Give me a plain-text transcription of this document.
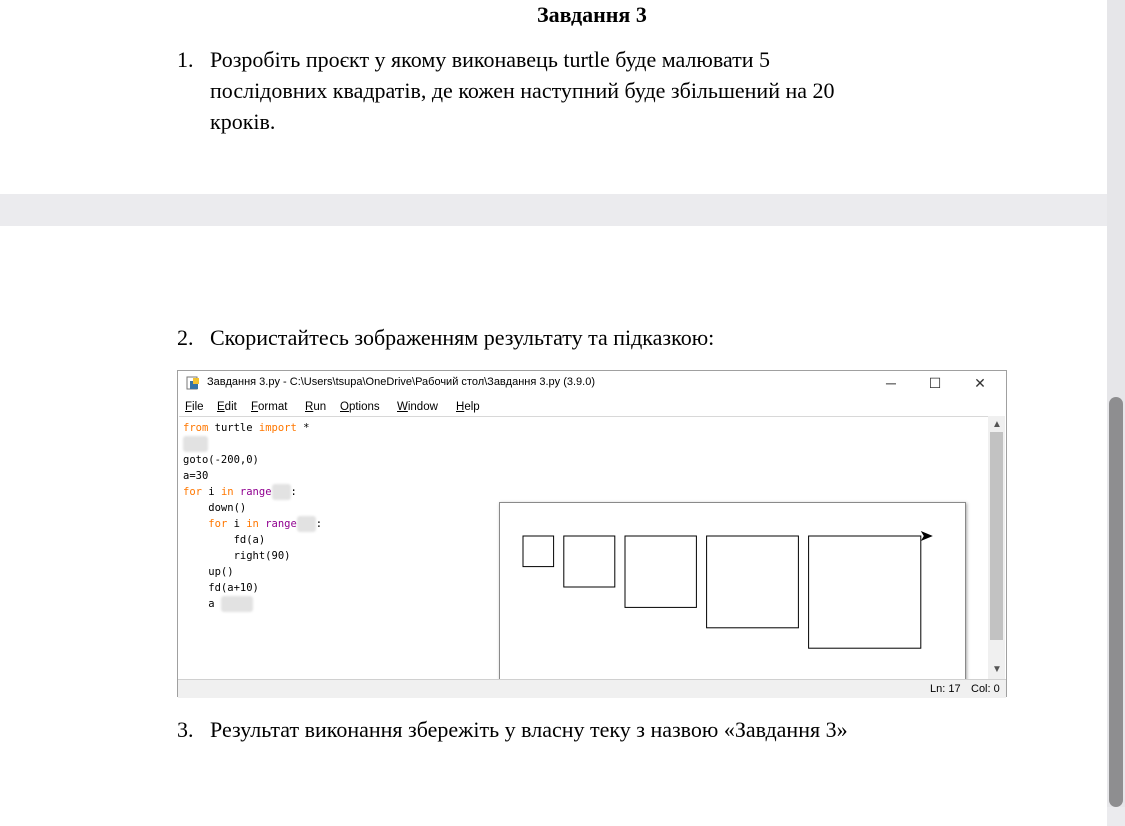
Завдання 3
1. Розробіть проєкт у якому виконавець turtle буде малювати 5
послідовних квадратів, де кожен наступний буде збільшений на 20
кроків.
2. Скористайтесь зображенням результату та підказкою:
Завдання 3.py - C:\Users\tsupa\OneDrive\Рабочий стол\Завдання 3.py (3.9.0)	─	☐	✕
File Edit Format Run Options Window Help
from turtle import *
goto(-200,0)
a=30
for i in range :
down()
for i in range :
fd(a)
right(90)
up()
fd(a+10)
a
▲
▼
Ln: 17 Col: 0
3. Результат виконання збережіть у власну теку з назвою «Завдання 3»
